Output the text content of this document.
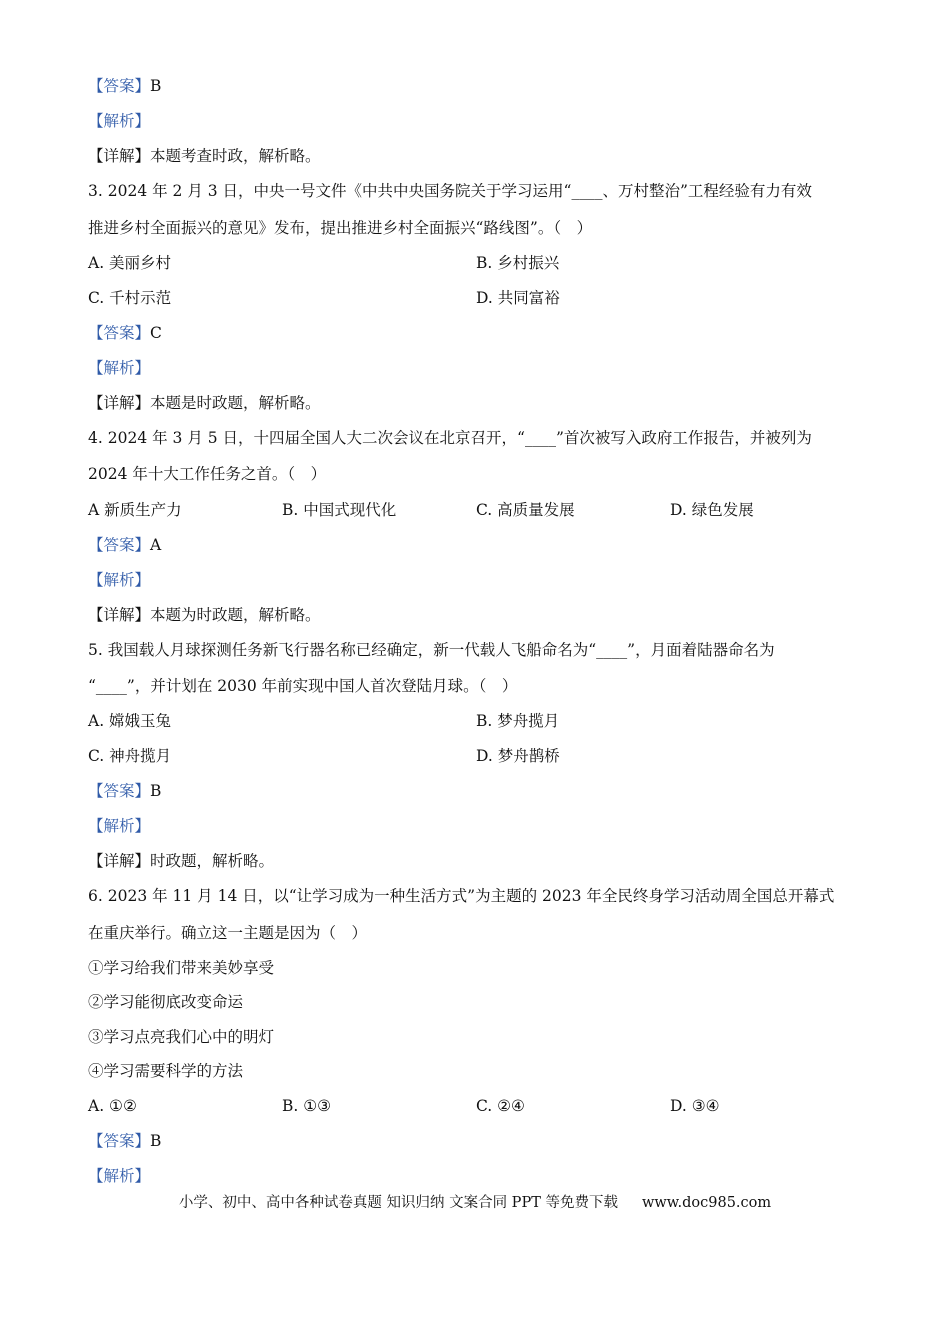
【答案】B
【解析】
【详解】本题考查时政，解析略。
3. 2024 年 2 月 3 日，中央一号文件《中共中央国务院关于学习运用“____、万村整治”工程经验有力有效
推进乡村全面振兴的意见》发布，提出推进乡村全面振兴“路线图”。（　）
A. 美丽乡村	B. 乡村振兴
C. 千村示范	D. 共同富裕
【答案】C
【解析】
【详解】本题是时政题，解析略。
4. 2024 年 3 月 5 日，十四届全国人大二次会议在北京召开，“____”首次被写入政府工作报告，并被列为
2024 年十大工作任务之首。（　）
A 新质生产力	B. 中国式现代化	C. 高质量发展	D. 绿色发展
【答案】A
【解析】
【详解】本题为时政题，解析略。
5. 我国载人月球探测任务新飞行器名称已经确定，新一代载人飞船命名为“____”，月面着陆器命名为
“____”，并计划在 2030 年前实现中国人首次登陆月球。（　）
A. 嫦娥玉兔	B. 梦舟揽月
C. 神舟揽月	D. 梦舟鹊桥
【答案】B
【解析】
【详解】时政题，解析略。
6. 2023 年 11 月 14 日，以“让学习成为一种生活方式”为主题的 2023 年全民终身学习活动周全国总开幕式
在重庆举行。确立这一主题是因为（　）
①学习给我们带来美妙享受
②学习能彻底改变命运
③学习点亮我们心中的明灯
④学习需要科学的方法
A. ①②	B. ①③	C. ②④	D. ③④
【答案】B
【解析】
小学、初中、高中各种试卷真题 知识归纳 文案合同 PPT 等免费下载 www.doc985.com
